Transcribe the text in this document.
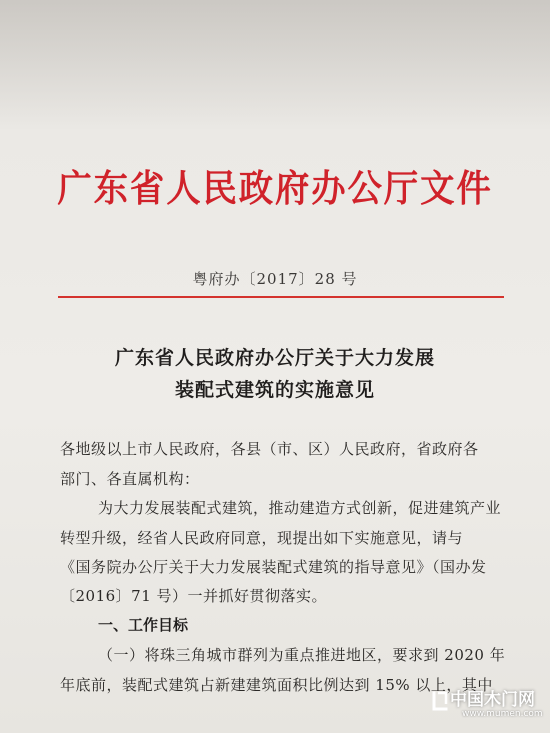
广东省人民政府办公厅文件
粤府办〔2017〕28 号
广东省人民政府办公厅关于大力发展
装配式建筑的实施意见
各地级以上市人民政府，各县（市、区）人民政府，省政府各
部门、各直属机构：
为大力发展装配式建筑，推动建造方式创新，促进建筑产业
转型升级，经省人民政府同意，现提出如下实施意见，请与
《国务院办公厅关于大力发展装配式建筑的指导意见》（国办发
〔2016〕71 号）一并抓好贯彻落实。
一、工作目标
（一）将珠三角城市群列为重点推进地区，要求到 2020 年
年底前，装配式建筑占新建建筑面积比例达到 15% 以上，其中
中国木门网
www.mumen.com
